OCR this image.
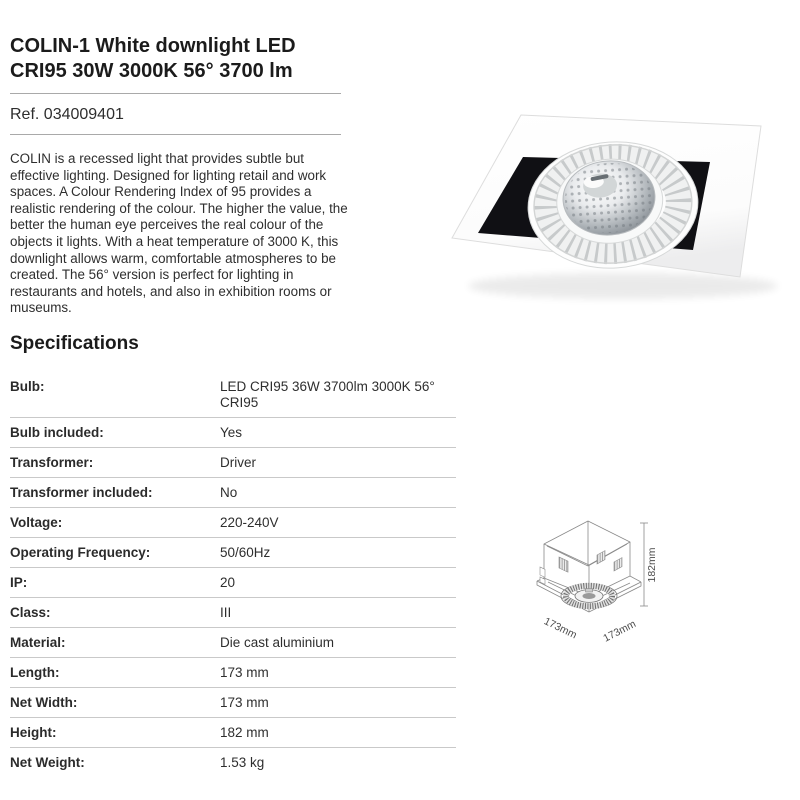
COLIN-1 White downlight LED
CRI95 30W 3000K 56° 3700 lm
Ref. 034009401

COLIN is a recessed light that provides subtle but effective lighting. Designed for lighting retail and work spaces. A Colour Rendering Index of 95 provides a realistic rendering of the colour. The higher the value, the better the human eye perceives the real colour of the objects it lights. With a heat temperature of 3000 K, this downlight allows warm, comfortable atmospheres to be created. The 56° version is perfect for lighting in restaurants and hotels, and also in exhibition rooms or museums.

Specifications
Bulb:	LED CRI95 36W 3700lm 3000K 56° CRI95
Bulb included:	Yes
Transformer:	Driver
Transformer included:	No
Voltage:	220-240V
Operating Frequency:	50/60Hz
IP:	20
Class:	III
Material:	Die cast aluminium
Length:	173 mm
Net Width:	173 mm
Height:	182 mm
Net Weight:	1.53 kg
182mm
173mm 173mm
